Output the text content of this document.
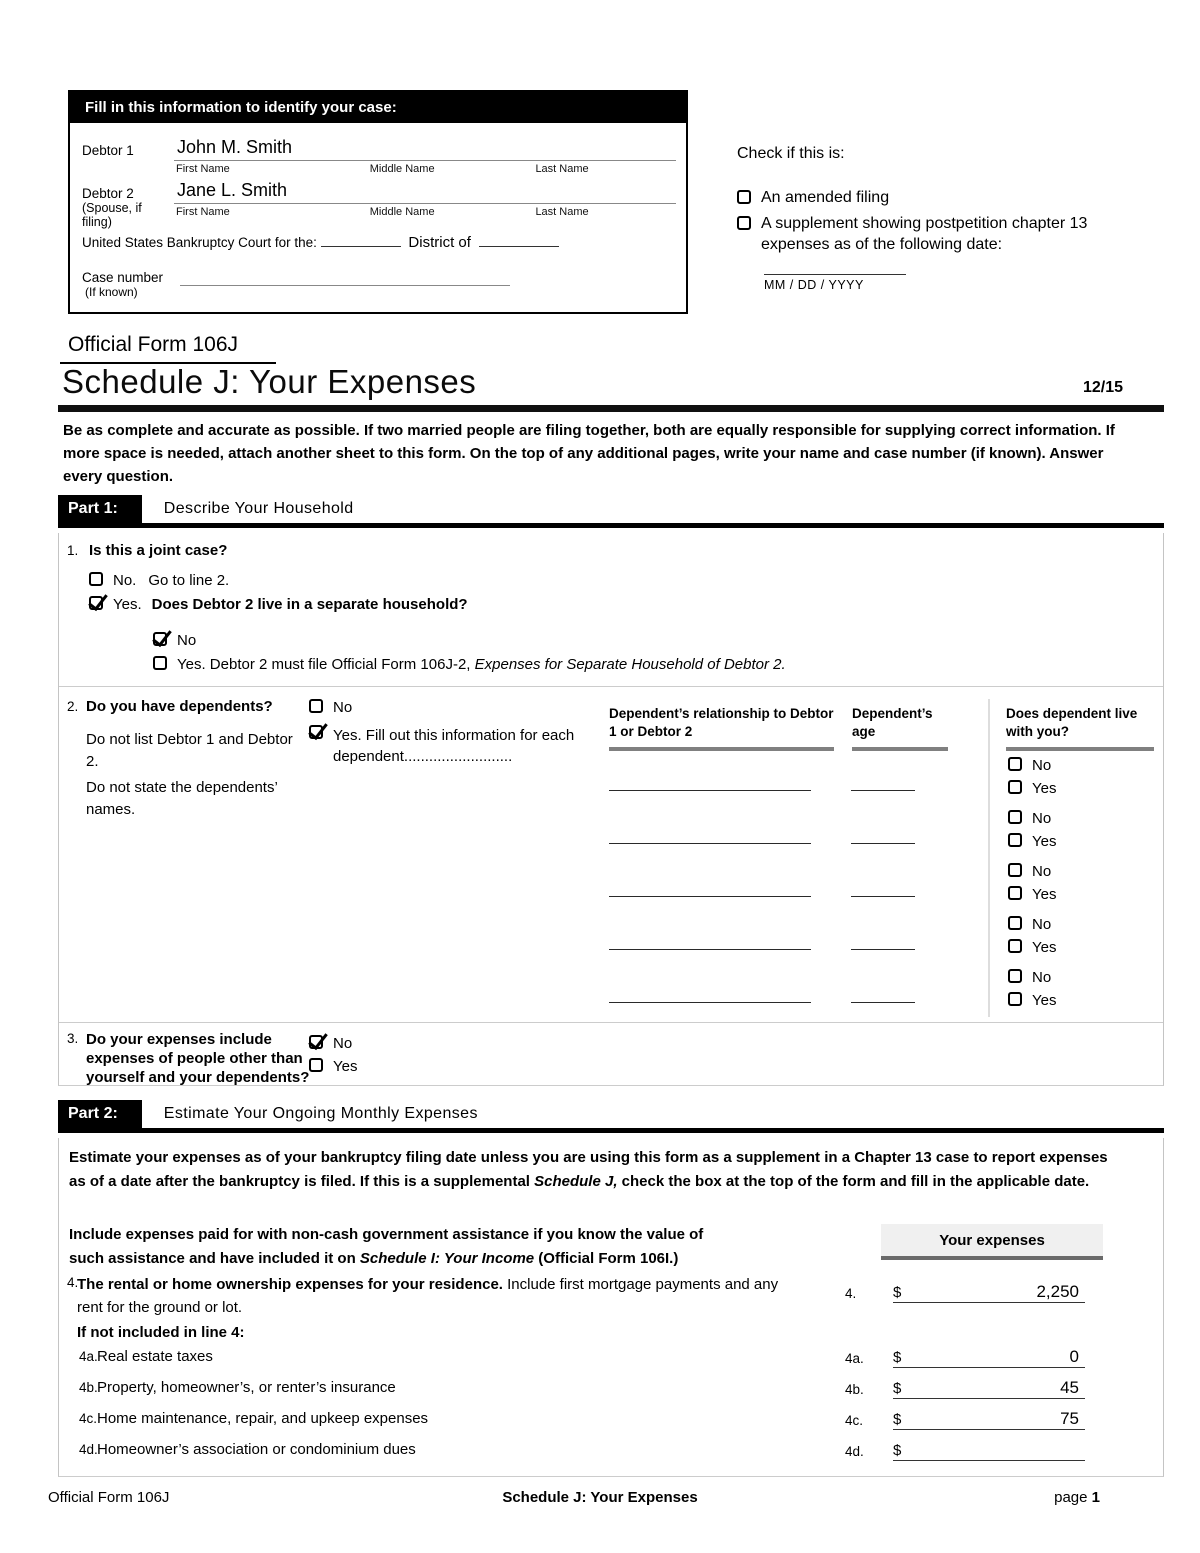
Fill in this information to identify your case:
Debtor 1	John M. Smith
First Name	Middle Name	Last Name
Debtor 2
(Spouse, if filing)
Jane L. Smith
First Name	Middle Name	Last Name
United States Bankruptcy Court for the:	District of
Case number
(If known)
Check if this is:
An amended filing
A supplement showing postpetition chapter 13 expenses as of the following date:
MM / DD / YYYY
Official Form 106J
Schedule J: Your Expenses	12/15
Be as complete and accurate as possible. If two married people are filing together, both are equally responsible for supplying correct information. If more space is needed, attach another sheet to this form. On the top of any additional pages, write your name and case number (if known). Answer every question.
Part 1:	Describe Your Household
1. Is this a joint case?
No. Go to line 2.
Yes. Does Debtor 2 live in a separate household?
No
Yes. Debtor 2 must file Official Form 106J-2, Expenses for Separate Household of Debtor 2.
2. Do you have dependents?
Do not list Debtor 1 and Debtor 2.
Do not state the dependents’ names.
No
Yes. Fill out this information for each dependent..........................
Dependent’s relationship to Debtor 1 or Debtor 2
Dependent’s age
Does dependent live with you?
No
Yes
No
Yes
No
Yes
No
Yes
No
Yes
3. Do your expenses include expenses of people other than yourself and your dependents?
No
Yes
Part 2:	Estimate Your Ongoing Monthly Expenses
Estimate your expenses as of your bankruptcy filing date unless you are using this form as a supplement in a Chapter 13 case to report expenses as of a date after the bankruptcy is filed. If this is a supplemental Schedule J, check the box at the top of the form and fill in the applicable date.
Include expenses paid for with non-cash government assistance if you know the value of such assistance and have included it on Schedule I: Your Income (Official Form 106I.)
Your expenses
4.
The rental or home ownership expenses for your residence. Include first mortgage payments and any rent for the ground or lot.
4.	$	2,250
If not included in line 4:
4a. Real estate taxes	4a.	$	0
4b. Property, homeowner’s, or renter’s insurance	4b.	$	45
4c. Home maintenance, repair, and upkeep expenses	4c.	$	75
4d. Homeowner’s association or condominium dues	4d.	$
Official Form 106J	Schedule J: Your Expenses	page 1
